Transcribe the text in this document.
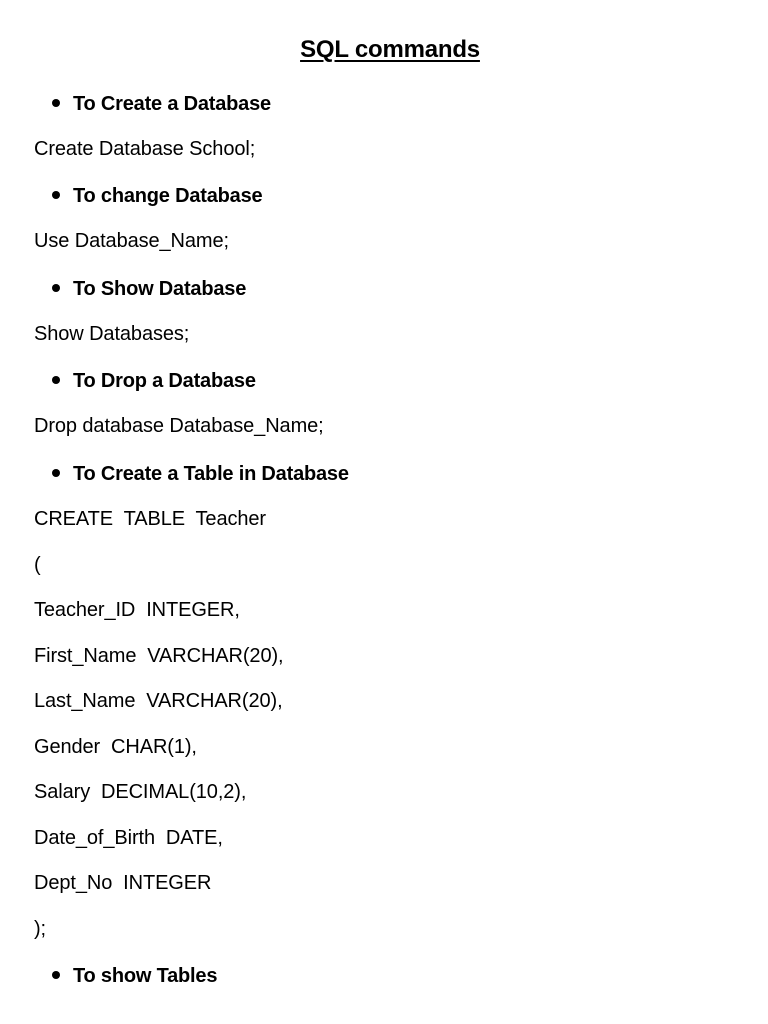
SQL commands
To Create a Database
Create Database School;
To change Database
Use Database_Name;
To Show Database
Show Databases;
To Drop a Database
Drop database Database_Name;
To Create a Table in Database
CREATE  TABLE  Teacher
(
Teacher_ID  INTEGER,
First_Name  VARCHAR(20),
Last_Name  VARCHAR(20),
Gender  CHAR(1),
Salary  DECIMAL(10,2),
Date_of_Birth  DATE,
Dept_No  INTEGER
);
To show Tables
